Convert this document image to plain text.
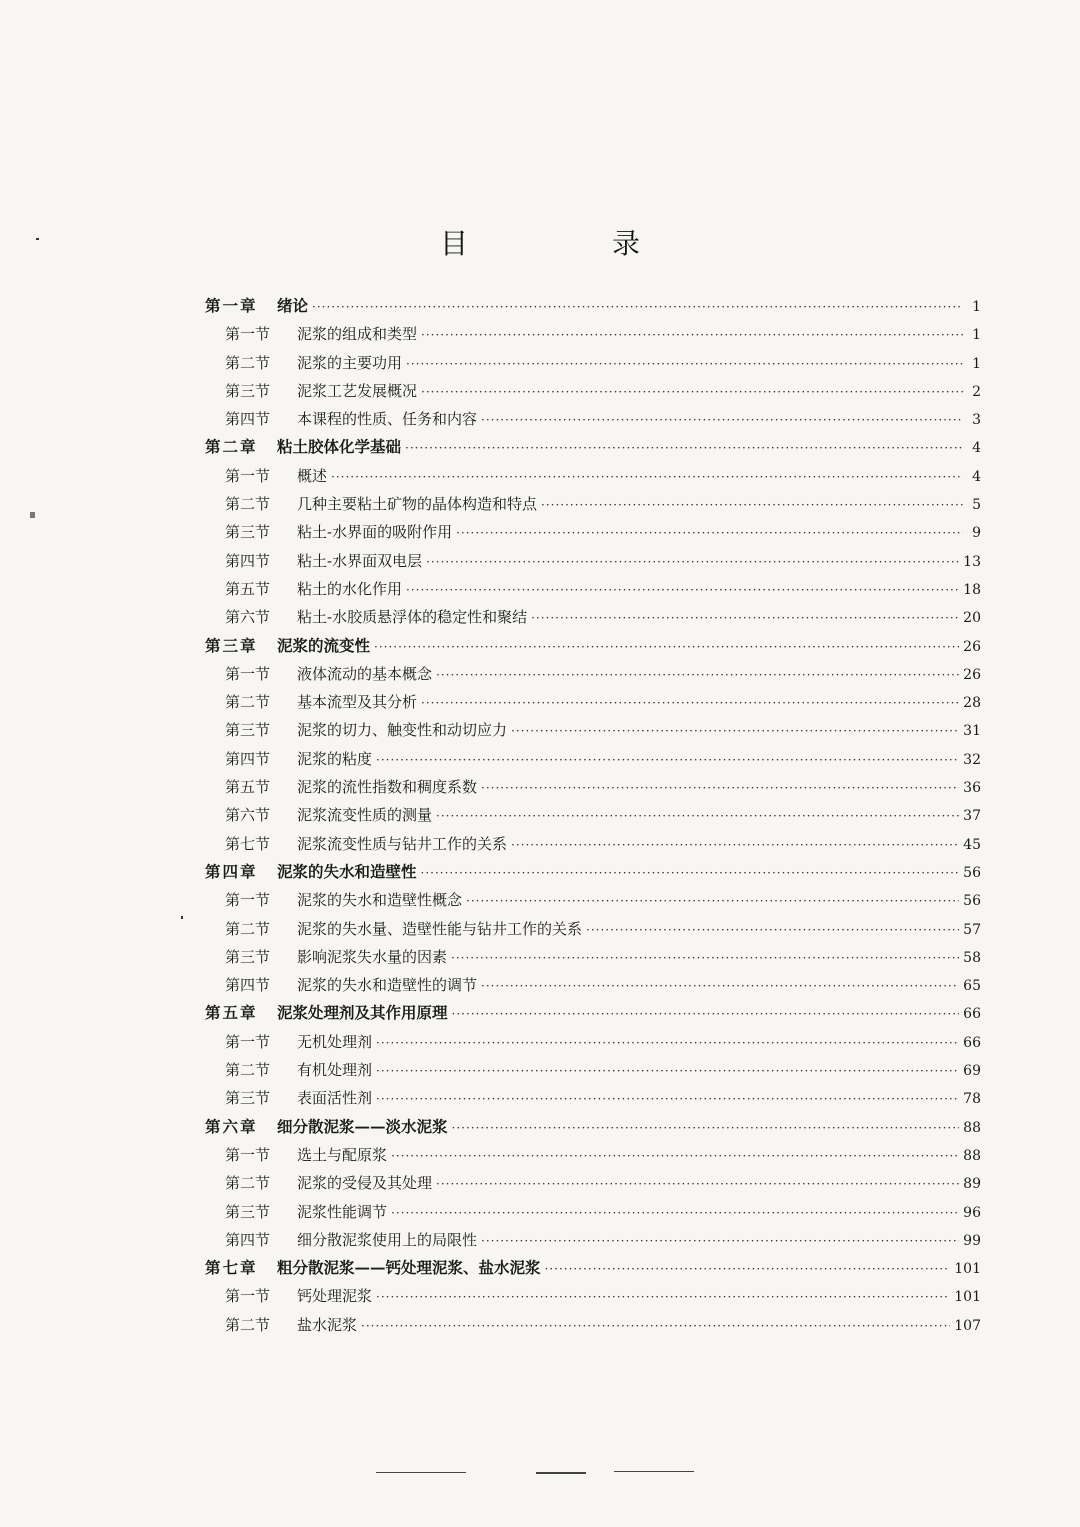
目　录
第一章	绪论 ·····	1
第一节	泥浆的组成和类型 ·····	1
第二节	泥浆的主要功用 ·····	1
第三节	泥浆工艺发展概况 ·····	2
第四节	本课程的性质、任务和内容 ·····	3
第二章	粘土胶体化学基础 ·····	4
第一节	概述 ·····	4
第二节	几种主要粘土矿物的晶体构造和特点 ·····	5
第三节	粘土-水界面的吸附作用 ·····	9
第四节	粘土-水界面双电层 ·····	13
第五节	粘土的水化作用 ·····	18
第六节	粘土-水胶质悬浮体的稳定性和聚结 ·····	20
第三章	泥浆的流变性 ·····	26
第一节	液体流动的基本概念 ·····	26
第二节	基本流型及其分析 ·····	28
第三节	泥浆的切力、触变性和动切应力 ·····	31
第四节	泥浆的粘度 ·····	32
第五节	泥浆的流性指数和稠度系数 ·····	36
第六节	泥浆流变性质的测量 ·····	37
第七节	泥浆流变性质与钻井工作的关系 ·····	45
第四章	泥浆的失水和造壁性 ·····	56
第一节	泥浆的失水和造壁性概念 ·····	56
第二节	泥浆的失水量、造壁性能与钻井工作的关系 ·····	57
第三节	影响泥浆失水量的因素 ·····	58
第四节	泥浆的失水和造壁性的调节 ·····	65
第五章	泥浆处理剂及其作用原理 ·····	66
第一节	无机处理剂 ·····	66
第二节	有机处理剂 ·····	69
第三节	表面活性剂 ·····	78
第六章	细分散泥浆——淡水泥浆 ·····	88
第一节	选土与配原浆 ·····	88
第二节	泥浆的受侵及其处理 ·····	89
第三节	泥浆性能调节 ·····	96
第四节	细分散泥浆使用上的局限性 ·····	99
第七章	粗分散泥浆——钙处理泥浆、盐水泥浆 ·····	101
第一节	钙处理泥浆 ·····	101
第二节	盐水泥浆 ·····	107
